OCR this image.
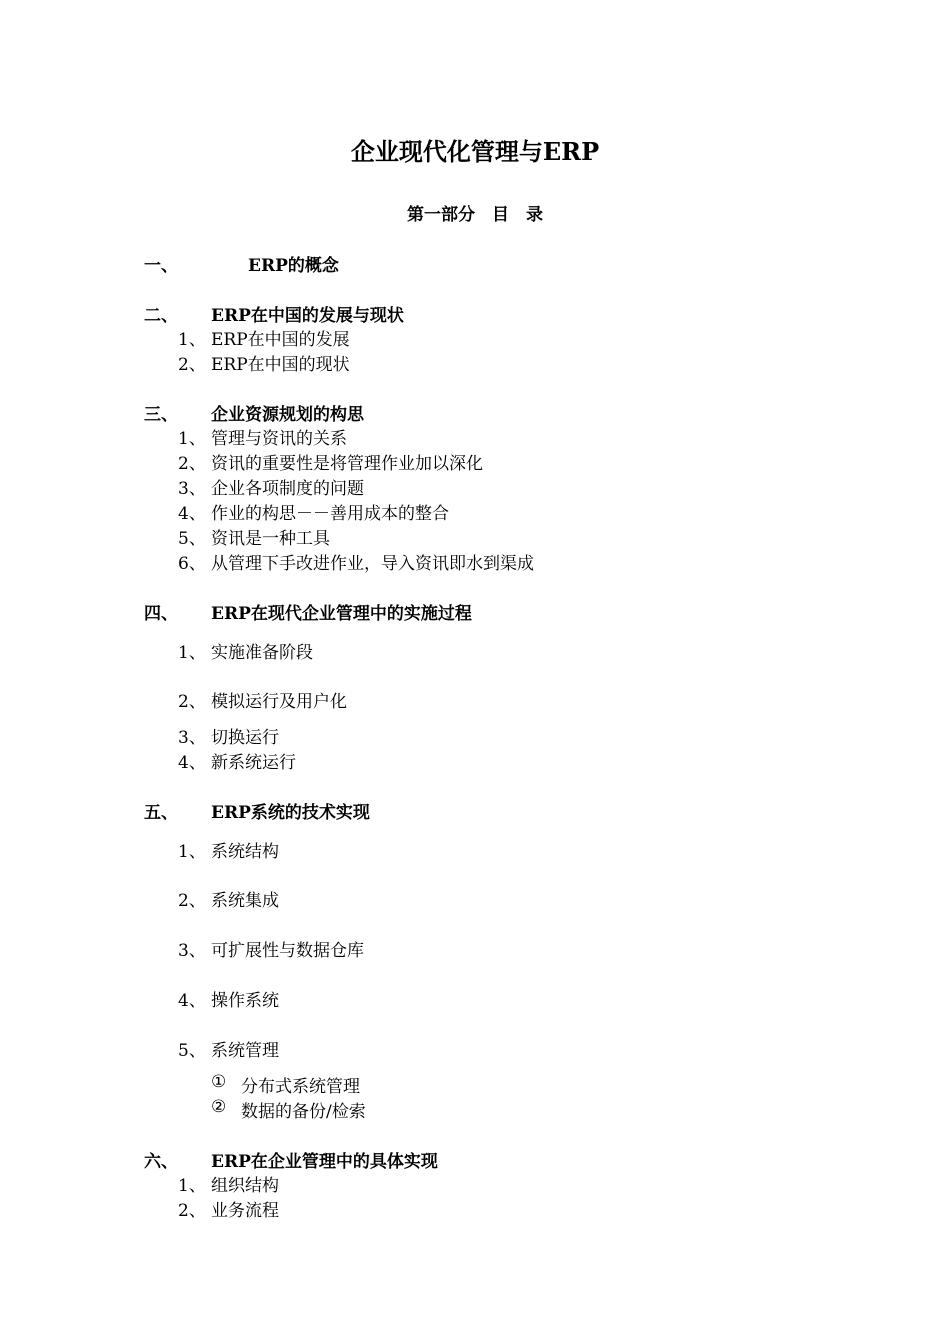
企业现代化管理与ERP
第一部分　目　录
一、	ERP的概念
二、 ERP在中国的发展与现状
1、 ERP在中国的发展
2、 ERP在中国的现状
三、 企业资源规划的构思
1、 管理与资讯的关系
2、 资讯的重要性是将管理作业加以深化
3、 企业各项制度的问题
4、 作业的构思－－善用成本的整合
5、 资讯是一种工具
6、 从管理下手改进作业，导入资讯即水到渠成
四、 ERP在现代企业管理中的实施过程
1、 实施准备阶段
2、 模拟运行及用户化
3、 切换运行
4、 新系统运行
五、 ERP系统的技术实现
1、 系统结构
2、 系统集成
3、 可扩展性与数据仓库
4、 操作系统
5、 系统管理
① 分布式系统管理
② 数据的备份/检索
六、 ERP在企业管理中的具体实现
1、 组织结构
2、 业务流程
